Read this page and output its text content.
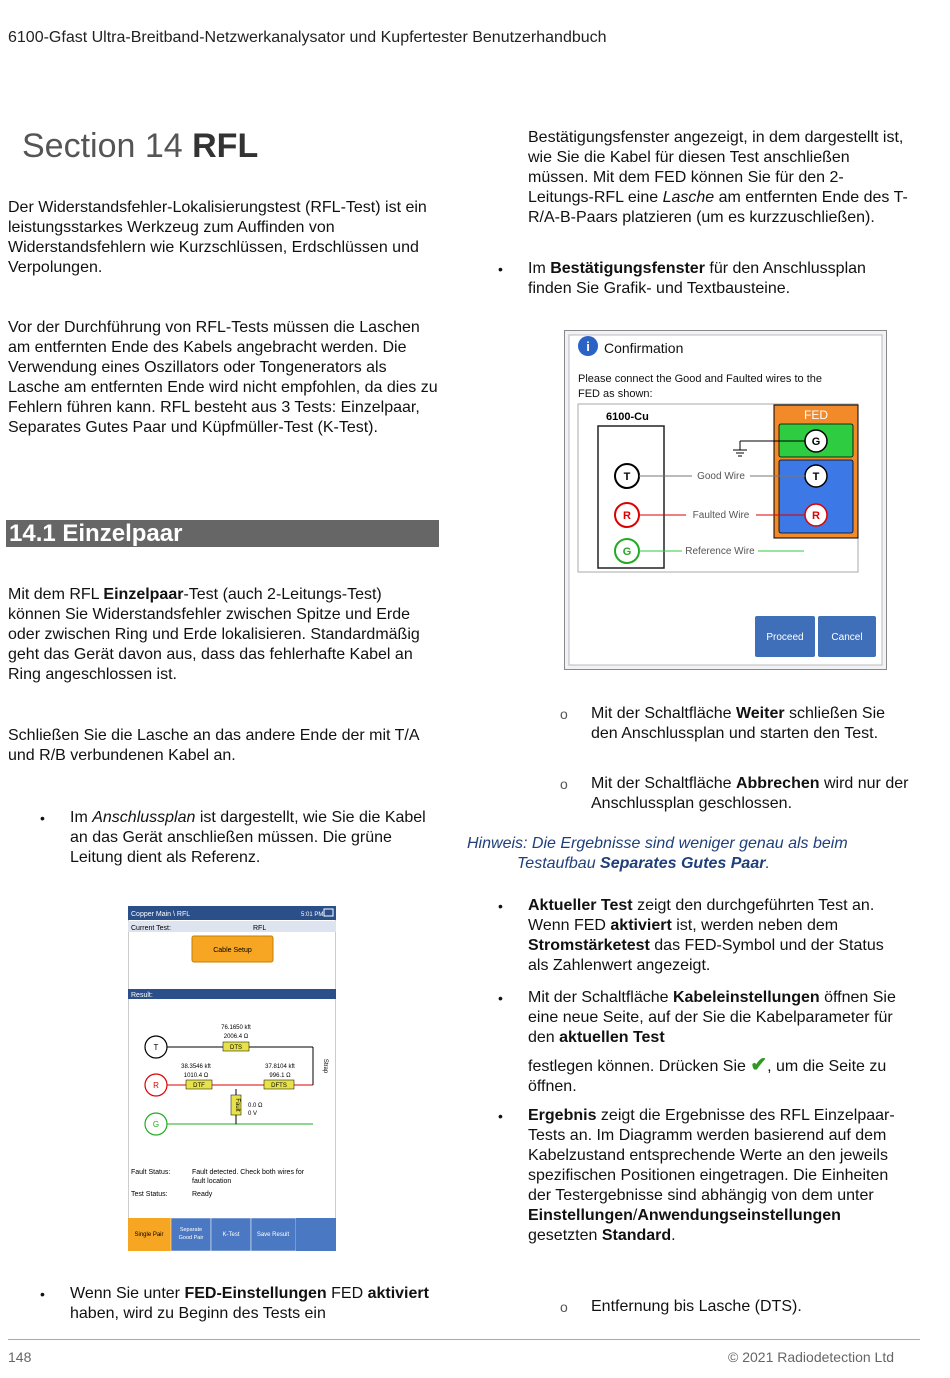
6100-Gfast Ultra-Breitband-Netzwerkanalysator und Kupfertester Benutzerhandbuch
Section 14 RFL
Der Widerstandsfehler-Lokalisierungstest (RFL-Test) ist ein leistungsstarkes Werkzeug zum Auffinden von Widerstandsfehlern wie Kurzschlüssen, Erdschlüssen und Verpolungen.
Vor der Durchführung von RFL-Tests müssen die Laschen am entfernten Ende des Kabels angebracht werden. Die Verwendung eines Oszillators oder Tongenerators als Lasche am entfernten Ende wird nicht empfohlen, da dies zu Fehlern führen kann. RFL besteht aus 3 Tests: Einzelpaar, Separates Gutes Paar und Küpfmüller-Test (K-Test).
14.1 Einzelpaar
Mit dem RFL Einzelpaar-Test (auch 2-Leitungs-Test) können Sie Widerstandsfehler zwischen Spitze und Erde oder zwischen Ring und Erde lokalisieren. Standardmäßig geht das Gerät davon aus, dass das fehlerhafte Kabel an Ring angeschlossen ist.
Schließen Sie die Lasche an das andere Ende der mit T/A und R/B verbundenen Kabel an.
• Im Anschlussplan ist dargestellt, wie Sie die Kabel an das Gerät anschließen müssen. Die grüne Leitung dient als Referenz.
Copper Main \ RFL	5:01 PM
Current Test:	RFL
Cable Setup
Result:
T
R
G
DTS
76.1650 kft
2006.4 Ω
DTF
38.3546 kft
1010.4 Ω
DFTS
37.8104 kft
996.1 Ω
Strap
Fault 0.0 Ω
0 V
Fault Status:	Fault detected. Check both wires for
fault location
Test Status:	Ready
Single Pair
Separate
Good Pair	K-Test	Save Result
• Wenn Sie unter FED-Einstellungen FED aktiviert haben, wird zu Beginn des Tests ein
Bestätigungsfenster angezeigt, in dem dargestellt ist, wie Sie die Kabel für diesen Test anschließen müssen. Mit dem FED können Sie für den 2-Leitungs-RFL eine Lasche am entfernten Ende des T-R/A-B-Paars platzieren (um es kurzzuschließen).
• Im Bestätigungsfenster für den Anschlussplan finden Sie Grafik- und Textbausteine.
i Confirmation
Please connect the Good and Faulted wires to the
FED as shown:
6100-Cu	FED
G
T
R
T
R
G
Good Wire
Faulted Wire
Reference Wire
Proceed	Cancel
o Mit der Schaltfläche Weiter schließen Sie den Anschlussplan und starten den Test.
o Mit der Schaltfläche Abbrechen wird nur der Anschlussplan geschlossen.
Hinweis: Die Ergebnisse sind weniger genau als beim
Testaufbau Separates Gutes Paar.
• Aktueller Test zeigt den durchgeführten Test an. Wenn FED aktiviert ist, werden neben dem Stromstärketest das FED-Symbol und der Status als Zahlenwert angezeigt.
• Mit der Schaltfläche Kabeleinstellungen öffnen Sie eine neue Seite, auf der Sie die Kabelparameter für den aktuellen Test
festlegen können. Drücken Sie ✔, um die Seite zu öffnen.
• Ergebnis zeigt die Ergebnisse des RFL Einzelpaar-Tests an. Im Diagramm werden basierend auf dem Kabelzustand entsprechende Werte an den jeweils spezifischen Positionen eingetragen. Die Einheiten der Testergebnisse sind abhängig von dem unter Einstellungen/Anwendungseinstellungen gesetzten Standard.
o Entfernung bis Lasche (DTS).
148	© 2021 Radiodetection Ltd
